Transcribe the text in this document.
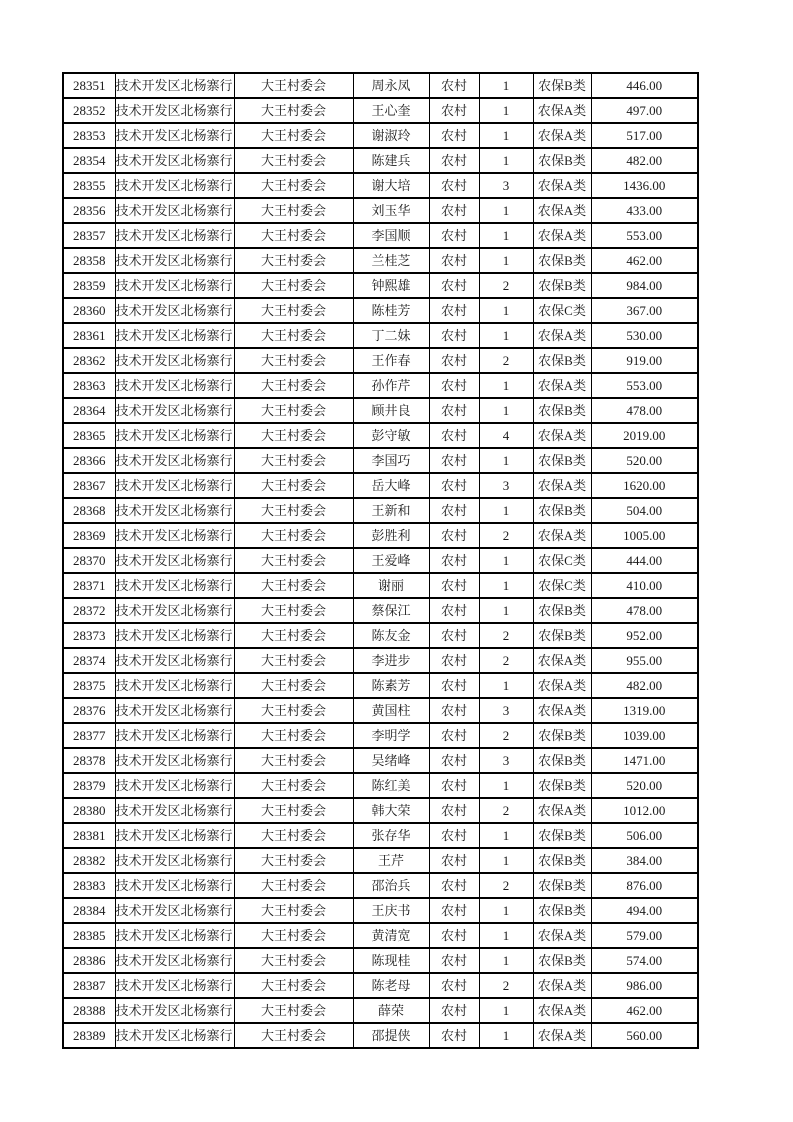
28351	技术开发区北杨寨行	大王村委会	周永凤	农村	1	农保B类	446.00
28352	技术开发区北杨寨行	大王村委会	王心奎	农村	1	农保A类	497.00
28353	技术开发区北杨寨行	大王村委会	谢淑玲	农村	1	农保A类	517.00
28354	技术开发区北杨寨行	大王村委会	陈建兵	农村	1	农保B类	482.00
28355	技术开发区北杨寨行	大王村委会	谢大培	农村	3	农保A类	1436.00
28356	技术开发区北杨寨行	大王村委会	刘玉华	农村	1	农保A类	433.00
28357	技术开发区北杨寨行	大王村委会	李国顺	农村	1	农保A类	553.00
28358	技术开发区北杨寨行	大王村委会	兰桂芝	农村	1	农保B类	462.00
28359	技术开发区北杨寨行	大王村委会	钟熙雄	农村	2	农保B类	984.00
28360	技术开发区北杨寨行	大王村委会	陈桂芳	农村	1	农保C类	367.00
28361	技术开发区北杨寨行	大王村委会	丁二妹	农村	1	农保A类	530.00
28362	技术开发区北杨寨行	大王村委会	王作春	农村	2	农保B类	919.00
28363	技术开发区北杨寨行	大王村委会	孙作芹	农村	1	农保A类	553.00
28364	技术开发区北杨寨行	大王村委会	顾井良	农村	1	农保B类	478.00
28365	技术开发区北杨寨行	大王村委会	彭守敏	农村	4	农保A类	2019.00
28366	技术开发区北杨寨行	大王村委会	李国巧	农村	1	农保B类	520.00
28367	技术开发区北杨寨行	大王村委会	岳大峰	农村	3	农保A类	1620.00
28368	技术开发区北杨寨行	大王村委会	王新和	农村	1	农保B类	504.00
28369	技术开发区北杨寨行	大王村委会	彭胜利	农村	2	农保A类	1005.00
28370	技术开发区北杨寨行	大王村委会	王爱峰	农村	1	农保C类	444.00
28371	技术开发区北杨寨行	大王村委会	谢丽	农村	1	农保C类	410.00
28372	技术开发区北杨寨行	大王村委会	蔡保江	农村	1	农保B类	478.00
28373	技术开发区北杨寨行	大王村委会	陈友金	农村	2	农保B类	952.00
28374	技术开发区北杨寨行	大王村委会	李进步	农村	2	农保A类	955.00
28375	技术开发区北杨寨行	大王村委会	陈素芳	农村	1	农保A类	482.00
28376	技术开发区北杨寨行	大王村委会	黄国柱	农村	3	农保A类	1319.00
28377	技术开发区北杨寨行	大王村委会	李明学	农村	2	农保B类	1039.00
28378	技术开发区北杨寨行	大王村委会	吴绪峰	农村	3	农保B类	1471.00
28379	技术开发区北杨寨行	大王村委会	陈红美	农村	1	农保B类	520.00
28380	技术开发区北杨寨行	大王村委会	韩大荣	农村	2	农保A类	1012.00
28381	技术开发区北杨寨行	大王村委会	张存华	农村	1	农保B类	506.00
28382	技术开发区北杨寨行	大王村委会	王芹	农村	1	农保B类	384.00
28383	技术开发区北杨寨行	大王村委会	邵治兵	农村	2	农保B类	876.00
28384	技术开发区北杨寨行	大王村委会	王庆书	农村	1	农保B类	494.00
28385	技术开发区北杨寨行	大王村委会	黄清宽	农村	1	农保A类	579.00
28386	技术开发区北杨寨行	大王村委会	陈现桂	农村	1	农保B类	574.00
28387	技术开发区北杨寨行	大王村委会	陈老母	农村	2	农保A类	986.00
28388	技术开发区北杨寨行	大王村委会	薛荣	农村	1	农保A类	462.00
28389	技术开发区北杨寨行	大王村委会	邵提侠	农村	1	农保A类	560.00
